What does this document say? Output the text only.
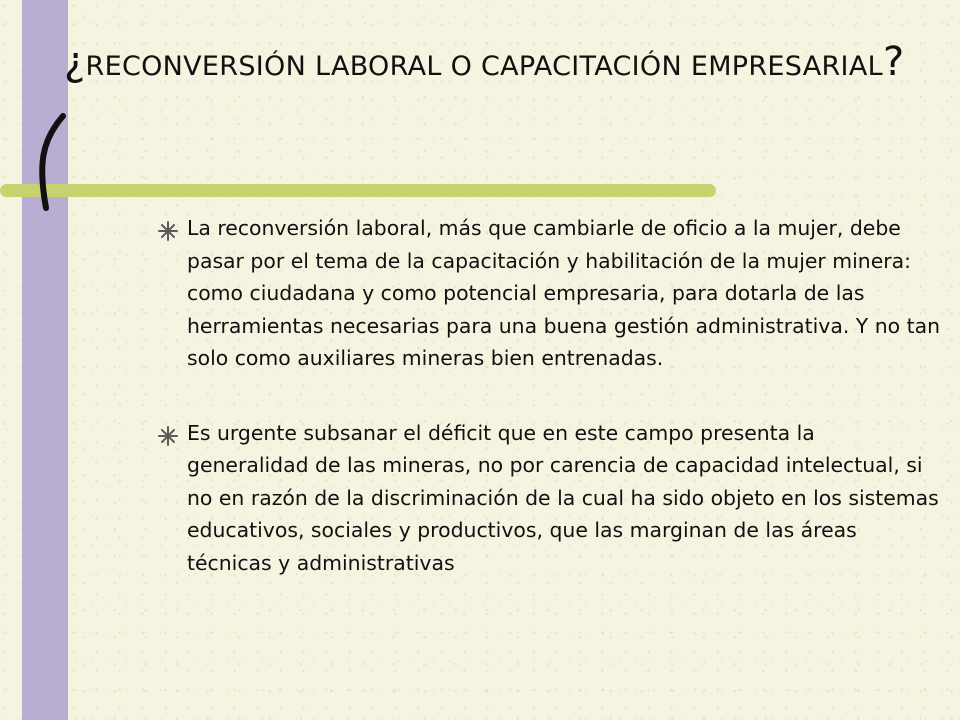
¿RECONVERSIÓN LABORAL O CAPACITACIÓN EMPRESARIAL?
La reconversión laboral, más que cambiarle de oficio a la mujer, debe pasar por el tema de la capacitación y habilitación de la mujer minera: como ciudadana y como potencial empresaria, para dotarla de las herramientas necesarias para una buena gestión administrativa. Y no tan solo como auxiliares mineras bien entrenadas.
Es urgente subsanar el déficit que en este campo presenta la generalidad de las mineras, no por carencia de capacidad intelectual, si no en razón de la discriminación de la cual ha sido objeto en los sistemas educativos, sociales y productivos, que las marginan de las áreas técnicas y administrativas
